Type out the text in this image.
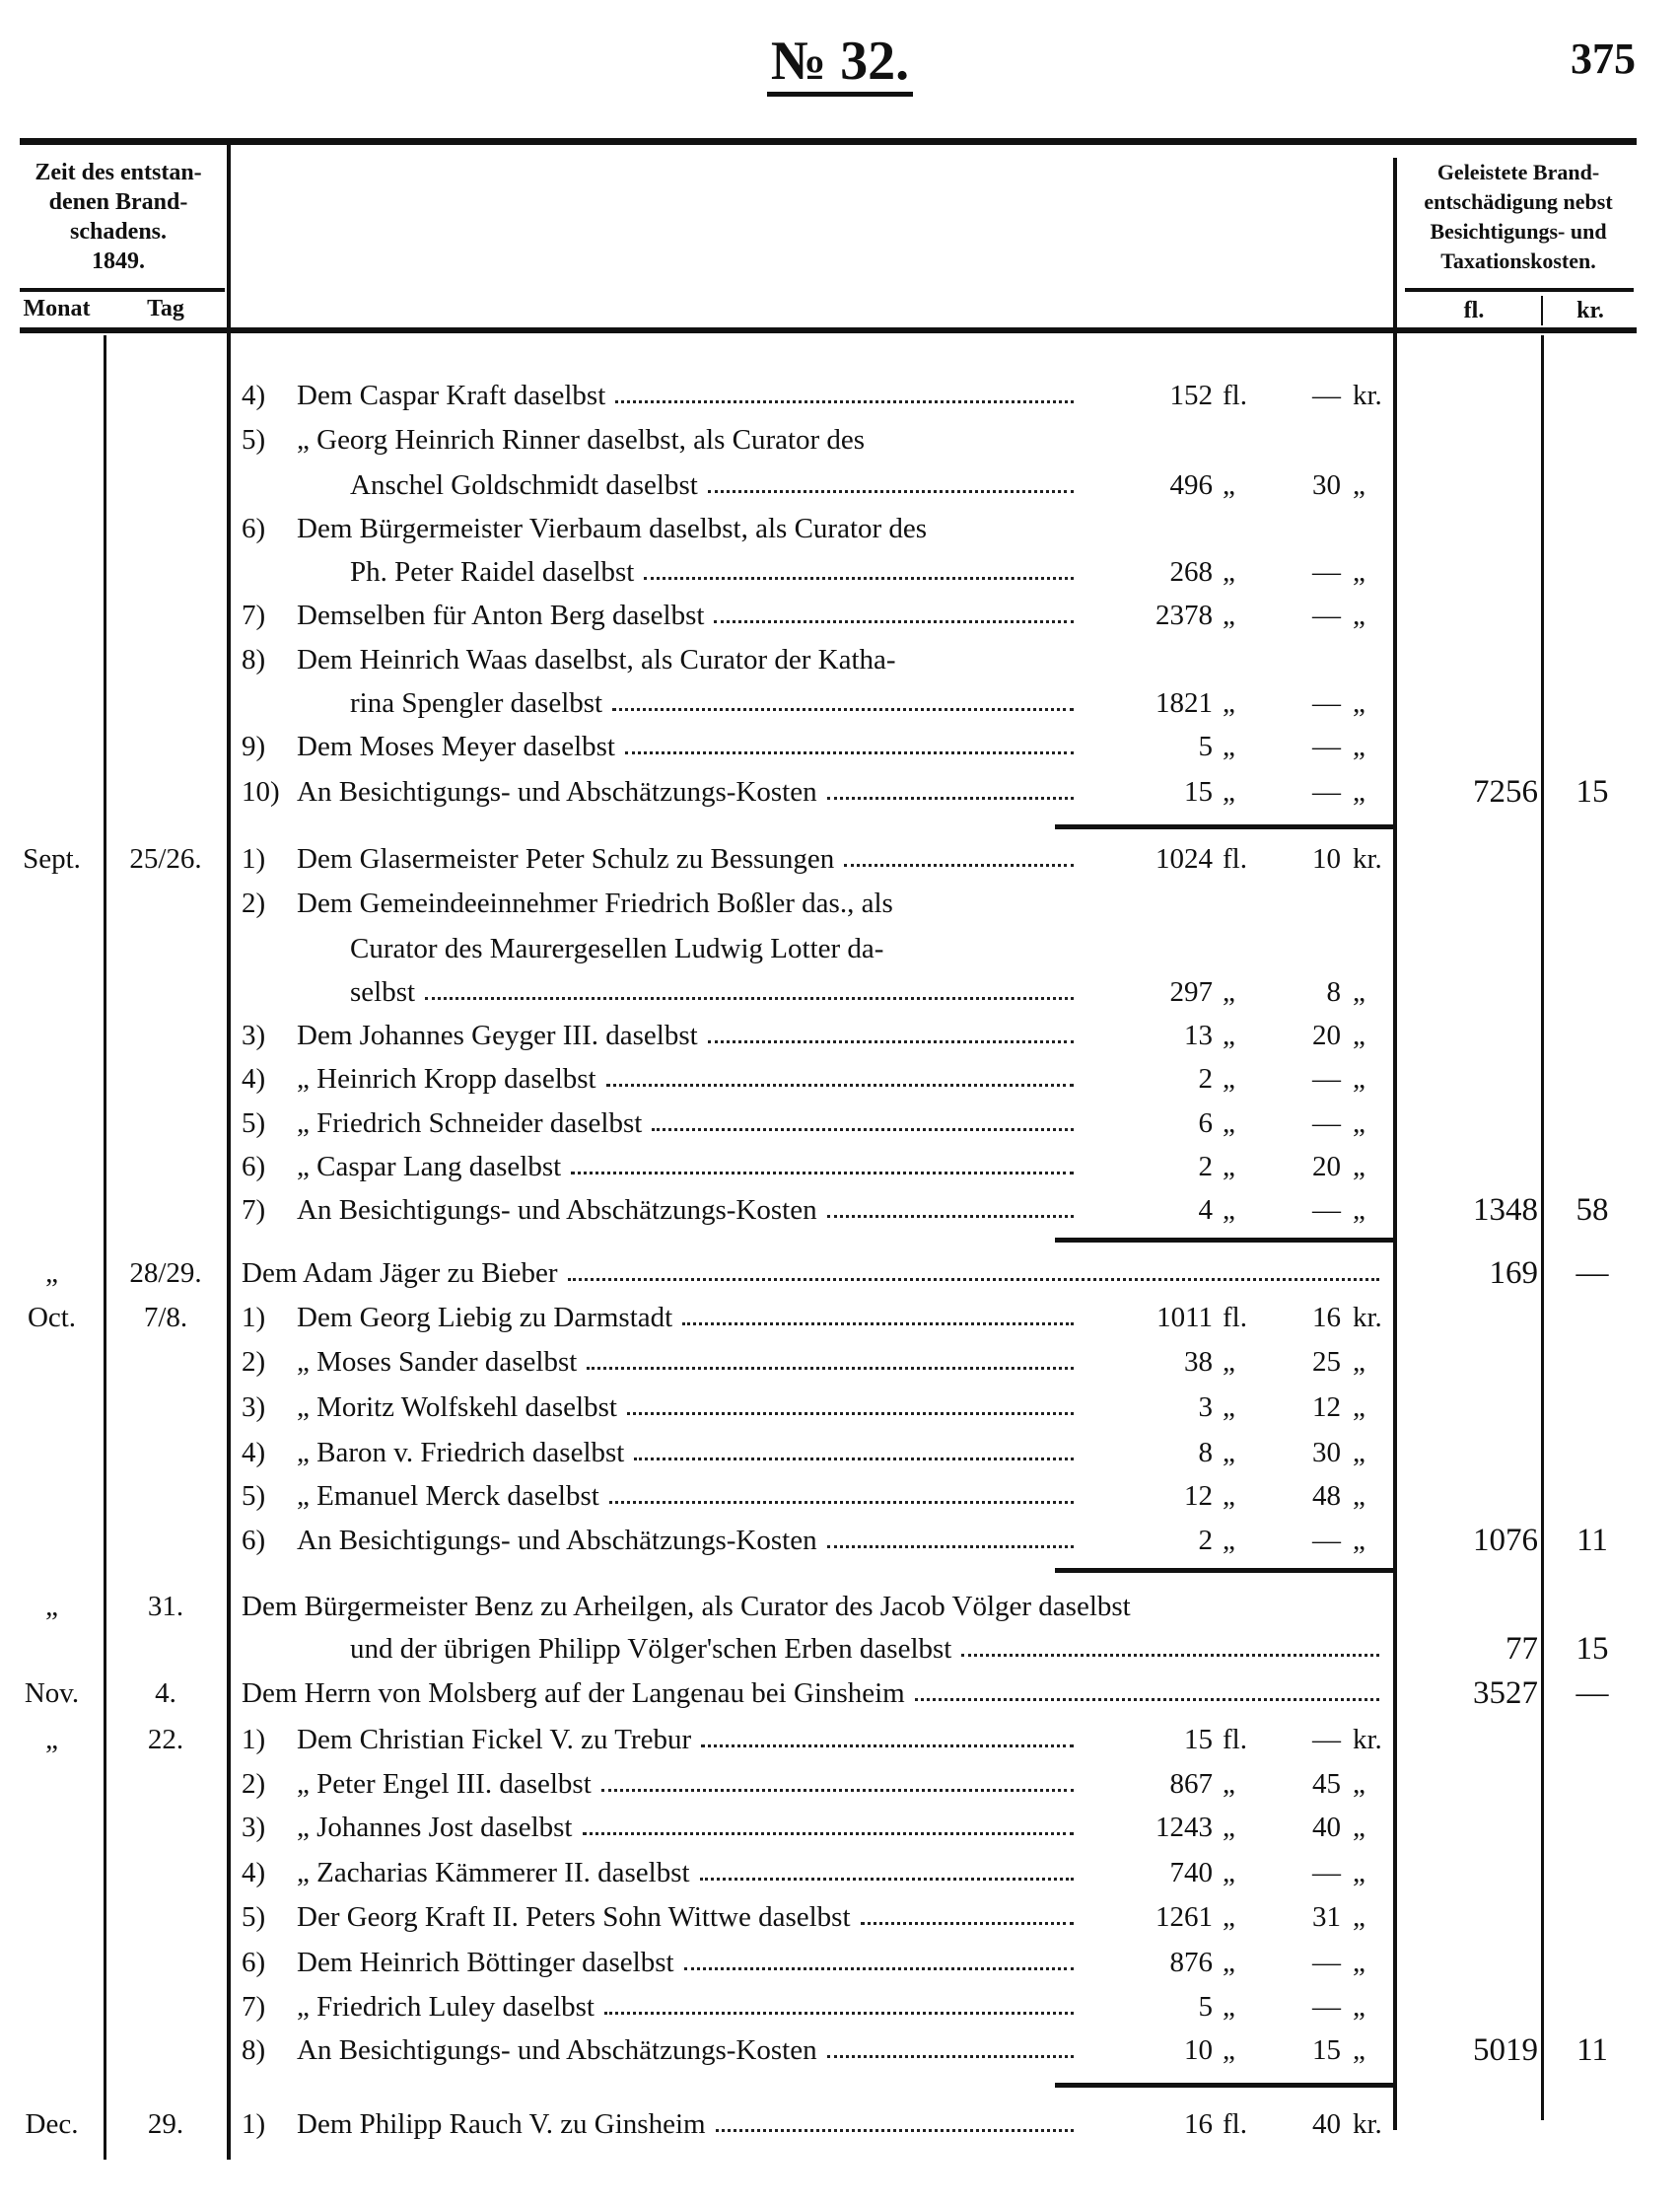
№ 32.	375
Zeit des entstan-
denen Brand-
schadens.
1849.
Monat	Tag
Geleistete Brand-
entschädigung nebst
Besichtigungs- und
Taxationskosten.
fl.	kr.
4)	Dem Caspar Kraft daselbst	152 fl.	— kr.
5)	„ Georg Heinrich Rinner daselbst, als Curator des
Anschel Goldschmidt daselbst	496 „	30 „
6)	Dem Bürgermeister Vierbaum daselbst, als Curator des
Ph. Peter Raidel daselbst	268 „	— „
7)	Demselben für Anton Berg daselbst	2378 „	— „
8)	Dem Heinrich Waas daselbst, als Curator der Katha-
rina Spengler daselbst	1821 „	— „
9)	Dem Moses Meyer daselbst	5 „	— „
10) An Besichtigungs- und Abschätzungs-Kosten	15 „	— „	7256	15
Sept.	25/26.	1)	Dem Glasermeister Peter Schulz zu Bessungen	1024 fl.	10 kr.
2)	Dem Gemeindeeinnehmer Friedrich Boßler das., als
Curator des Maurergesellen Ludwig Lotter da-
selbst	297 „	8 „
3)	Dem Johannes Geyger III. daselbst	13 „	20 „
4)	„ Heinrich Kropp daselbst	2 „	— „
5)	„ Friedrich Schneider daselbst	6 „	— „
6)	„ Caspar Lang daselbst	2 „	20 „
7)	An Besichtigungs- und Abschätzungs-Kosten	4 „	— „	1348	58
„	28/29.	Dem Adam Jäger zu Bieber	169	—
Oct.	7/8.	1)	Dem Georg Liebig zu Darmstadt	1011 fl.	16 kr.
2)	„ Moses Sander daselbst	38 „	25 „
3)	„ Moritz Wolfskehl daselbst	3 „	12 „
4)	„ Baron v. Friedrich daselbst	8 „	30 „
5)	„ Emanuel Merck daselbst	12 „	48 „
6)	An Besichtigungs- und Abschätzungs-Kosten	2 „	— „	1076	11
„	31.	Dem Bürgermeister Benz zu Arheilgen, als Curator des Jacob Völger daselbst
und der übrigen Philipp Völger'schen Erben daselbst	77	15
Nov.	4.	Dem Herrn von Molsberg auf der Langenau bei Ginsheim	3527	—
„	22.	1)	Dem Christian Fickel V. zu Trebur	15 fl.	— kr.
2)	„ Peter Engel III. daselbst	867 „	45 „
3)	„ Johannes Jost daselbst	1243 „	40 „
4)	„ Zacharias Kämmerer II. daselbst	740 „	— „
5)	Der Georg Kraft II. Peters Sohn Wittwe daselbst	1261 „	31 „
6)	Dem Heinrich Böttinger daselbst	876 „	— „
7)	„ Friedrich Luley daselbst	5 „	— „
8)	An Besichtigungs- und Abschätzungs-Kosten	10 „	15 „	5019	11
Dec.	29.	1)	Dem Philipp Rauch V. zu Ginsheim	16 fl.	40 kr.
